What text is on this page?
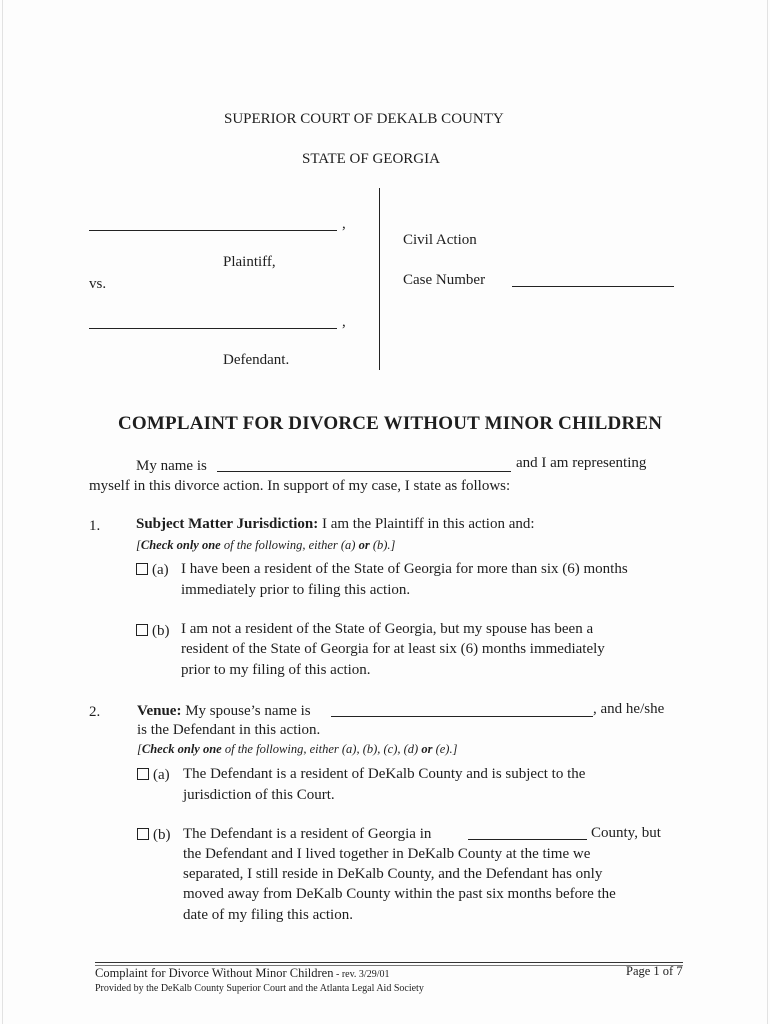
SUPERIOR COURT OF DEKALB COUNTY
STATE OF GEORGIA
,
Plaintiff,
vs.
,
Defendant.
Civil Action
Case Number
COMPLAINT FOR DIVORCE WITHOUT MINOR CHILDREN
My name is	and I am representing
myself in this divorce action. In support of my case, I state as follows:
1. Subject Matter Jurisdiction: I am the Plaintiff in this action and:
[Check only one of the following, either (a) or (b).]
(a) I have been a resident of the State of Georgia for more than six (6) months
immediately prior to filing this action.
(b) I am not a resident of the State of Georgia, but my spouse has been a
resident of the State of Georgia for at least six (6) months immediately
prior to my filing of this action.
2. Venue: My spouse’s name is	, and he/she
is the Defendant in this action.
[Check only one of the following, either (a), (b), (c), (d) or (e).]
(a) The Defendant is a resident of DeKalb County and is subject to the
jurisdiction of this Court.
(b) The Defendant is a resident of Georgia in	County, but
the Defendant and I lived together in DeKalb County at the time we
separated, I still reside in DeKalb County, and the Defendant has only
moved away from DeKalb County within the past six months before the
date of my filing this action.
Complaint for Divorce Without Minor Children - rev. 3/29/01	Page 1 of 7
Provided by the DeKalb County Superior Court and the Atlanta Legal Aid Society
